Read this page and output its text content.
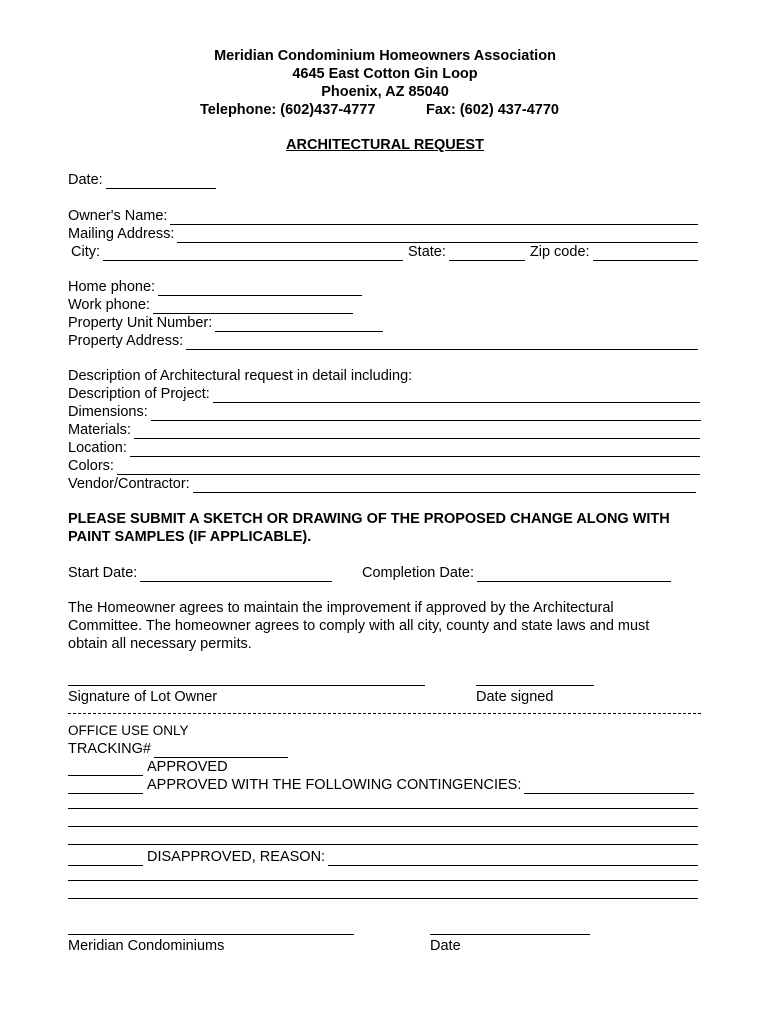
Meridian Condominium Homeowners Association
4645 East Cotton Gin Loop
Phoenix, AZ 85040
Telephone: (602)437-4777	Fax: (602) 437-4770
ARCHITECTURAL REQUEST
Date:
Owner's Name:
Mailing Address:
City:	State:	Zip code:
Home phone:
Work phone:
Property Unit Number:
Property Address:
Description of Architectural request in detail including:
Description of Project:
Dimensions:
Materials:
Location:
Colors:
Vendor/Contractor:
PLEASE SUBMIT A SKETCH OR DRAWING OF THE PROPOSED CHANGE ALONG WITH
PAINT SAMPLES (IF APPLICABLE).
Start Date:	Completion Date:
The Homeowner agrees to maintain the improvement if approved by the Architectural
Committee. The homeowner agrees to comply with all city, county and state laws and must
obtain all necessary permits.
Signature of Lot Owner	Date signed
OFFICE USE ONLY
TRACKING#
APPROVED
APPROVED WITH THE FOLLOWING CONTINGENCIES:
DISAPPROVED, REASON:
Meridian Condominiums	Date
